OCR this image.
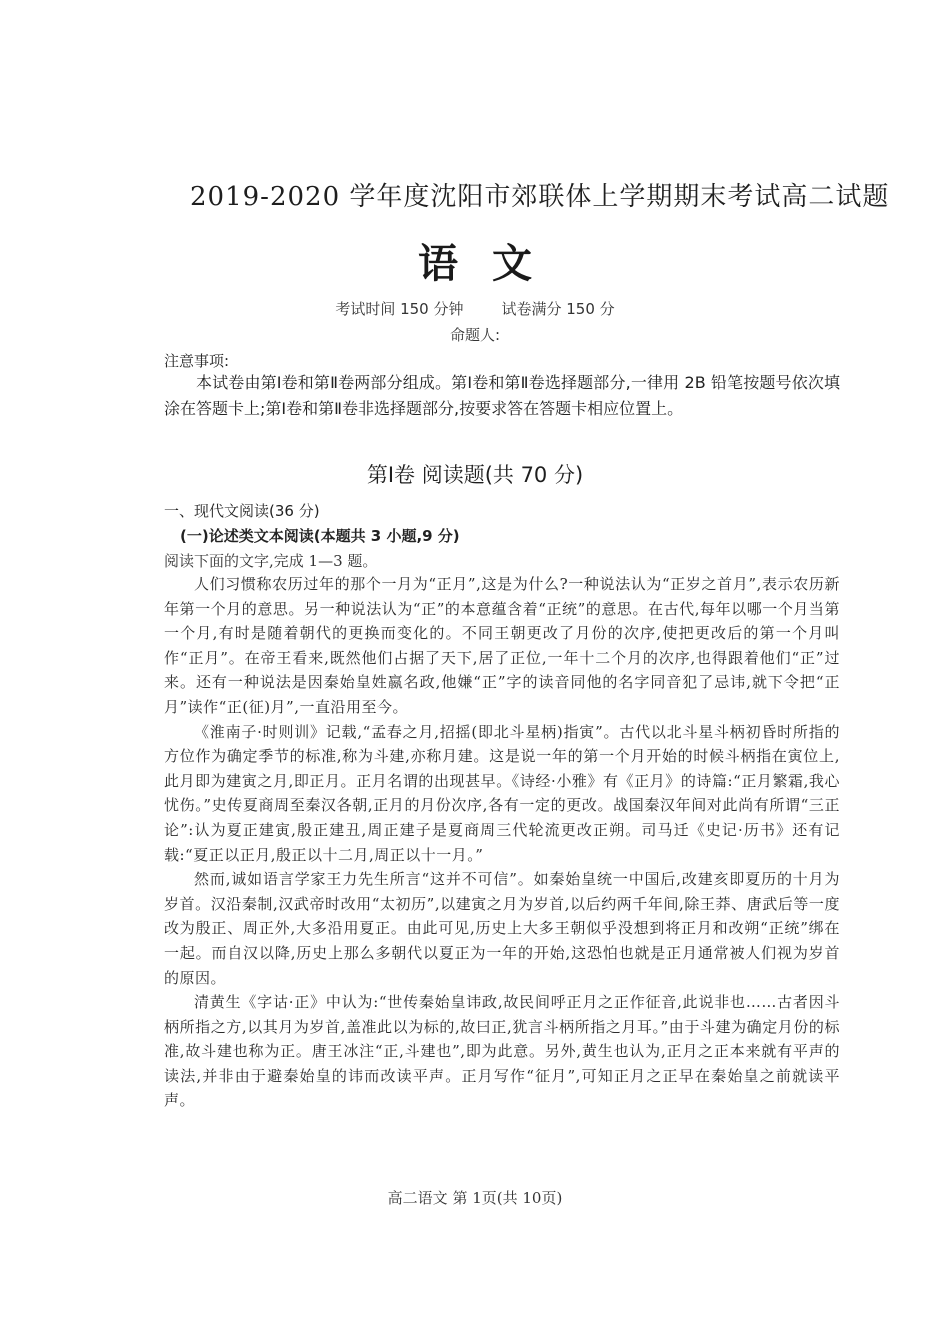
2019-2020 学年度沈阳市郊联体上学期期末考试高二试题
语文
考试时间 150 分钟	试卷满分 150 分
命题人:
注意事项:
本试卷由第Ⅰ卷和第Ⅱ卷两部分组成。第Ⅰ卷和第Ⅱ卷选择题部分,一律用 2B 铅笔按题号依次填涂在答题卡上;第Ⅰ卷和第Ⅱ卷非选择题部分,按要求答在答题卡相应位置上。
第Ⅰ卷 阅读题(共 70 分)
一、现代文阅读(36 分)
(一)论述类文本阅读(本题共 3 小题,9 分)
阅读下面的文字,完成 1—3 题。

人们习惯称农历过年的那个一月为“正月”,这是为什么?一种说法认为“正岁之首月”,表示农历新年第一个月的意思。另一种说法认为“正”的本意蕴含着“正统”的意思。在古代,每年以哪一个月当第一个月,有时是随着朝代的更换而变化的。不同王朝更改了月份的次序,使把更改后的第一个月叫作“正月”。在帝王看来,既然他们占据了天下,居了正位,一年十二个月的次序,也得跟着他们“正”过来。还有一种说法是因秦始皇姓嬴名政,他嫌“正”字的读音同他的名字同音犯了忌讳,就下令把“正月”读作“正(征)月”,一直沿用至今。

《淮南子·时则训》记载,“孟春之月,招摇(即北斗星柄)指寅”。古代以北斗星斗柄初昏时所指的方位作为确定季节的标准,称为斗建,亦称月建。这是说一年的第一个月开始的时候斗柄指在寅位上,此月即为建寅之月,即正月。正月名谓的出现甚早。《诗经·小雅》有《正月》的诗篇:“正月繁霜,我心忧伤。”史传夏商周至秦汉各朝,正月的月份次序,各有一定的更改。战国秦汉年间对此尚有所谓“三正论”:认为夏正建寅,殷正建丑,周正建子是夏商周三代轮流更改正朔。司马迁《史记·历书》还有记载:“夏正以正月,殷正以十二月,周正以十一月。”

然而,诚如语言学家王力先生所言“这并不可信”。如秦始皇统一中国后,改建亥即夏历的十月为岁首。汉沿秦制,汉武帝时改用“太初历”,以建寅之月为岁首,以后约两千年间,除王莽、唐武后等一度改为殷正、周正外,大多沿用夏正。由此可见,历史上大多王朝似乎没想到将正月和改朔“正统”绑在一起。而自汉以降,历史上那么多朝代以夏正为一年的开始,这恐怕也就是正月通常被人们视为岁首的原因。

清黄生《字诂·正》中认为:“世传秦始皇讳政,故民间呼正月之正作征音,此说非也……古者因斗柄所指之方,以其月为岁首,盖准此以为标的,故曰正,犹言斗柄所指之月耳。”由于斗建为确定月份的标准,故斗建也称为正。唐王冰注“正,斗建也”,即为此意。另外,黄生也认为,正月之正本来就有平声的读法,并非由于避秦始皇的讳而改读平声。正月写作“征月”,可知正月之正早在秦始皇之前就读平声。

高二语文 第 1页(共 10页)
